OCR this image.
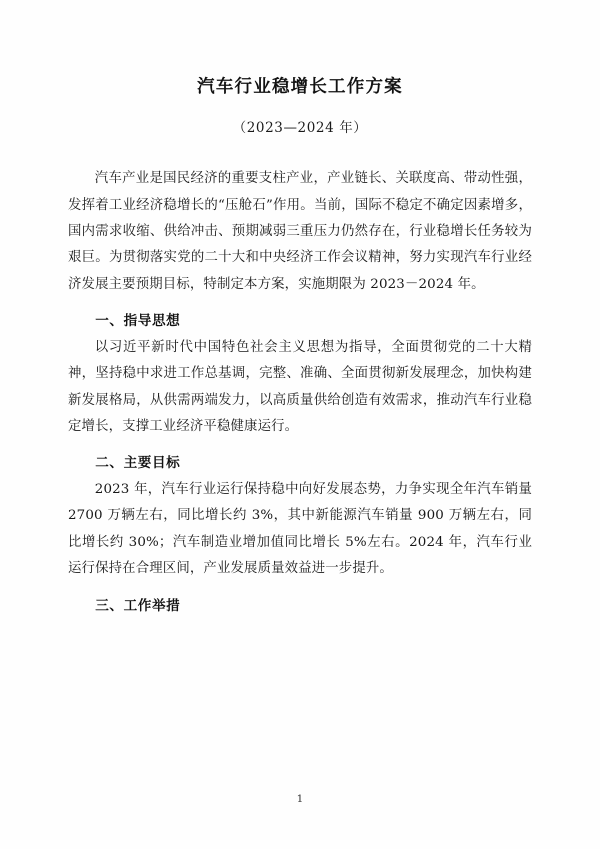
汽车行业稳增长工作方案
（2023—2024 年）

汽车产业是国民经济的重要支柱产业，产业链长、关联度高、带动性强，发挥着工业经济稳增长的“压舱石”作用。当前，国际不稳定不确定因素增多，国内需求收缩、供给冲击、预期减弱三重压力仍然存在，行业稳增长任务较为艰巨。为贯彻落实党的二十大和中央经济工作会议精神，努力实现汽车行业经济发展主要预期目标，特制定本方案，实施期限为 2023－2024 年。

一、指导思想

以习近平新时代中国特色社会主义思想为指导，全面贯彻党的二十大精神，坚持稳中求进工作总基调，完整、准确、全面贯彻新发展理念，加快构建新发展格局，从供需两端发力，以高质量供给创造有效需求，推动汽车行业稳定增长，支撑工业经济平稳健康运行。

二、主要目标

2023 年，汽车行业运行保持稳中向好发展态势，力争实现全年汽车销量 2700 万辆左右，同比增长约 3%，其中新能源汽车销量 900 万辆左右，同比增长约 30%；汽车制造业增加值同比增长 5%左右。2024 年，汽车行业运行保持在合理区间，产业发展质量效益进一步提升。

三、工作举措
1
